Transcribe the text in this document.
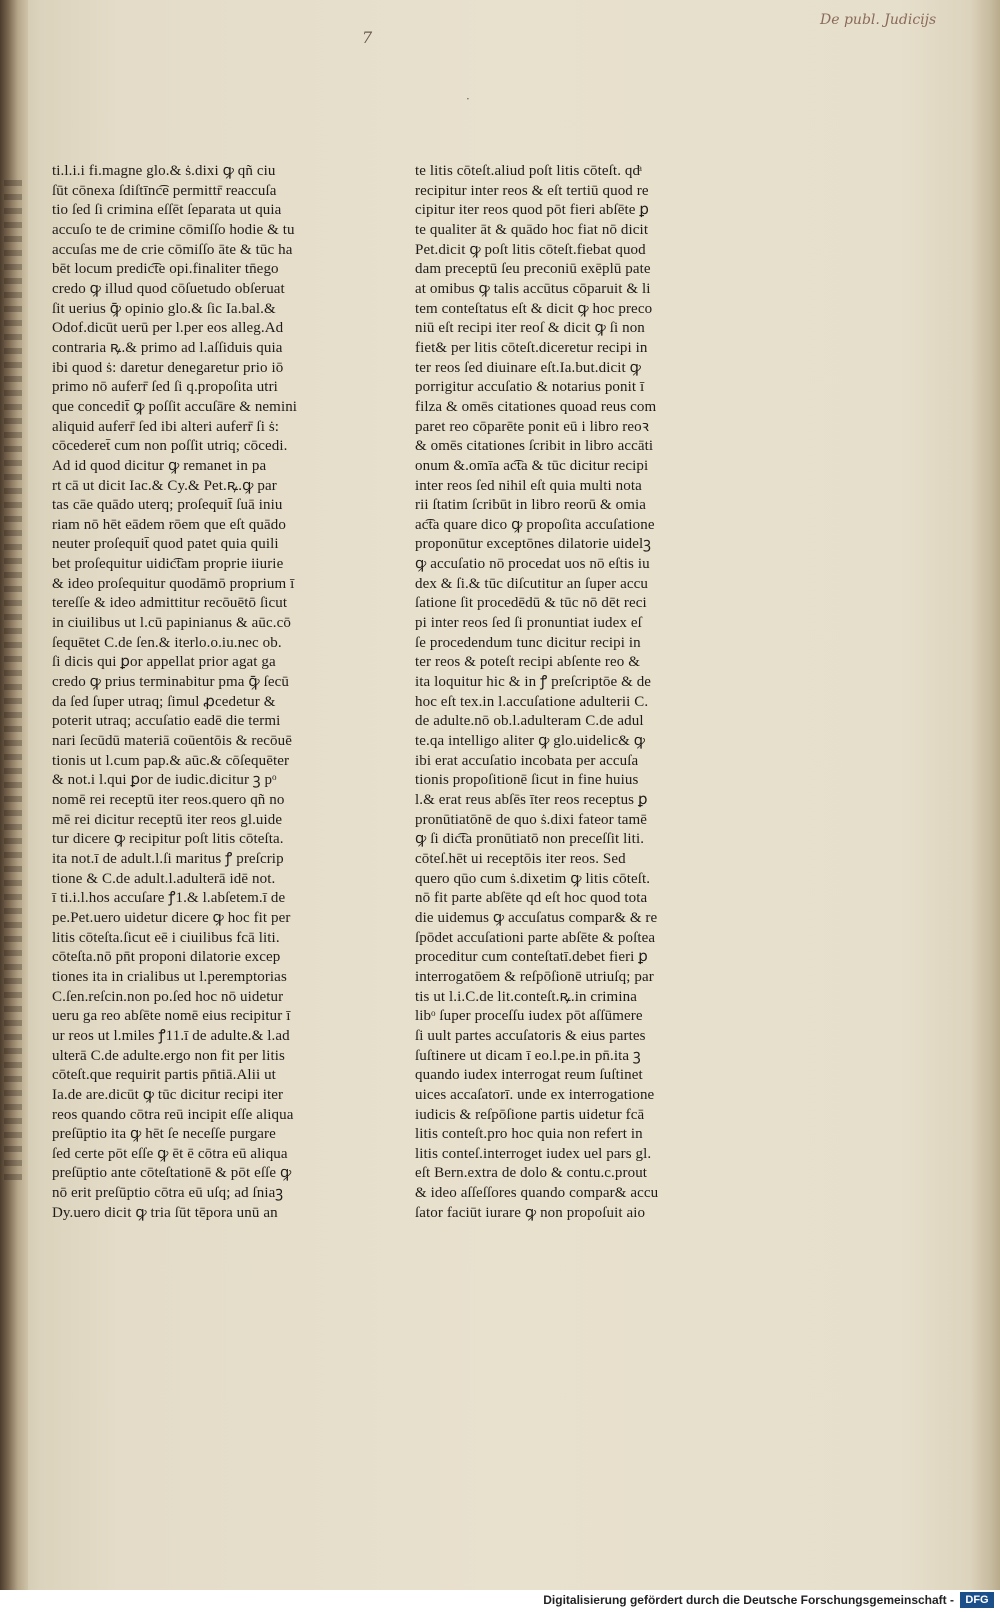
De publ. Judicijs
7
·
ti.l.i.i fi.magne glo.& ṡ.dixi ꝙ qñ ciu
ſūt cōnexa ſdiſtīnc͡e permittr̄ reaccuſa
tio ſed ſi crimina eſſēt ſeparata ut quia
accuſo te de crimine cōmiſſo hodie & tu
accuſas me de crie cōmiſſo āte & tūc ha
bēt locum predic͡te opi.finaliter tn̄ego
credo ꝙ illud quod cōſuetudo obſeruat
ſit uerius ꝙ̄ opinio glo.& ſic Ia.bal.&
Odof.dicūt uerū per l.per eos alleg.Ad
contraria ꝶ.& primo ad l.aſſiduis quia
ibi quod ṡ: daretur denegaretur prio iō
primo nō auferr̄ ſed ſi q.propoſita utri
que concedit̄ ꝙ poſſit accuſāre & nemini
aliquid auferr̄ ſed ibi alteri auferr̄ ſi ṡ:
cōcederet̄ cum non poſſit utriq; cōcedi.
Ad id quod dicitur ꝙ remanet in pa
rt cā ut dicit Iac.& Cy.& Pet.ꝶ.ꝙ par
tas cāe quādo uterq; proſequit̄ ſuā iniu
riam nō hēt eādem rōem que eſt quādo
neuter proſequit̄ quod patet quia quili
bet proſequitur uidic͡tam proprie iiurie
& ideo proſequitur quodāmō proprium ī
tereſſe & ideo admittitur recōuētō ſicut
in ciuilibus ut l.cū papinianus & aūc.cō
ſequētet C.de ſen.& iterlo.o.iu.nec ob.
ſi dicis qui ꝑor appellat prior agat ga
credo ꝙ prius terminabitur pma ꝙ̄ ſecū
da ſed ſuper utraq; ſimul ꝓcedetur &
poterit utraq; accuſatio eadē die termi
nari ſecūdū materiā coūentōis & recōuē
tionis ut l.cum pap.& aūc.& cōſequēter
& not.i l.qui ꝑor de iudic.dicitur ꝫ pᵒ
nomē rei receptū iter reos.quero qñ no
mē rei dicitur receptū iter reos gl.uide
tur dicere ꝙ recipitur poſt litis cōteſta.
ita not.ī de adult.l.ſi maritus ꝭ preſcrip
tione & C.de adult.l.adulterā idē not.
ī ti.i.l.hos accuſare ꝭ1.& l.abſetem.ī de
pe.Pet.uero uidetur dicere ꝙ hoc fit per
litis cōteſta.ſicut eē i ciuilibus fcā liti.
cōteſta.nō pn̄t proponi dilatorie excep
tiones ita in crialibus ut l.peremptorias
C.ſen.reſcin.non po.ſed hoc nō uidetur
ueru ga reo abſēte nomē eius recipitur ī
ur reos ut l.miles ꝭ11.ī de adulte.& l.ad
ulterā C.de adulte.ergo non fit per litis
cōteſt.que requirit partis pn̄tiā.Alii ut
Ia.de are.dicūt ꝙ tūc dicitur recipi iter
reos quando cōtra reū incipit eſſe aliqua
preſūptio ita ꝙ hēt ſe neceſſe purgare
ſed certe pōt eſſe ꝙ ēt ē cōtra eū aliqua
preſūptio ante cōteſtationē & pōt eſſe ꝙ
nō erit preſūptio cōtra eū uſq; ad ſniaꝫ
Dy.uero dicit ꝙ tria ſūt tēpora unū an
te litis cōteſt.aliud poſt litis cōteſt. qdͣ
recipitur inter reos & eſt tertiū quod re
cipitur iter reos quod pōt fieri abſēte ꝑ
te qualiter āt & quādo hoc fiat nō dicit
Pet.dicit ꝙ poſt litis cōteſt.fiebat quod
dam preceptū ſeu preconiū exēplū pate
at omibus ꝙ talis accūtus cōparuit & li
tem conteſtatus eſt & dicit ꝙ hoc preco
niū eſt recipi iter reoſ & dicit ꝙ ſi non
fiet& per litis cōteſt.diceretur recipi in
ter reos ſed diuinare eſt.Ia.but.dicit ꝙ
porrigitur accuſatio & notarius ponit ī
filza & omēs citationes quoad reus com
paret reo cōparēte ponit eū i libro reoꝛ
& omēs citationes ſcribit in libro accāti
onum &.omīa ac͡ta & tūc dicitur recipi
inter reos ſed nihil eſt quia multi nota
rii ſtatim ſcribūt in libro reorū & omia
ac͡ta quare dico ꝙ propoſita accuſatione
proponūtur exceptōnes dilatorie uidelꝫ
ꝙ accuſatio nō procedat uos nō eſtis iu
dex & ſi.& tūc diſcutitur an ſuper accu
ſatione ſit procedēdū & tūc nō dēt reci
pi inter reos ſed ſi pronuntiat iudex eſ
ſe procedendum tunc dicitur recipi in
ter reos & poteſt recipi abſente reo &
ita loquitur hic & in ꝭ preſcriptōe & de
hoc eſt tex.in l.accuſatione adulterii C.
de adulte.nō ob.l.adulteram C.de adul
te.qa intelligo aliter ꝙ glo.uidelic& ꝙ
ibi erat accuſatio incobata per accuſa
tionis propoſitionē ſicut in fine huius
l.& erat reus abſēs īter reos receptus ꝑ
pronūtiatōnē de quo ṡ.dixi fateor tamē
ꝙ ſi dic͡ta pronūtiatō non preceſſit liti.
cōteſ.hēt ui receptōis iter reos. Sed
quero qūo cum ṡ.dixetim ꝙ litis cōteſt.
nō fit parte abſēte qd eſt hoc quod tota
die uidemus ꝙ accuſatus compar& & re
ſpōdet accuſationi parte abſēte & poſtea
proceditur cum conteſtatī.debet fieri ꝑ
interrogatōem & reſpōſionē utriuſq; par
tis ut l.i.C.de lit.conteſt.ꝶ.in crimina
libᵒ ſuper proceſſu iudex pōt aſſūmere
ſi uult partes accuſatoris & eius partes
ſuſtinere ut dicam ī eo.l.pe.in pn̄.ita ꝫ
quando iudex interrogat reum ſuſtinet
uices accaſatorī. unde ex interrogatione
iudicis & reſpōſione partis uidetur fcā
litis conteſt.pro hoc quia non refert in
litis conteſ.interroget iudex uel pars gl.
eſt Bern.extra de dolo & contu.c.prout
& ideo aſſeſſores quando compar& accu
ſator faciūt iurare ꝙ non propoſuit aio
Digitalisierung gefördert durch die Deutsche Forschungsgemeinschaft -	DFG
